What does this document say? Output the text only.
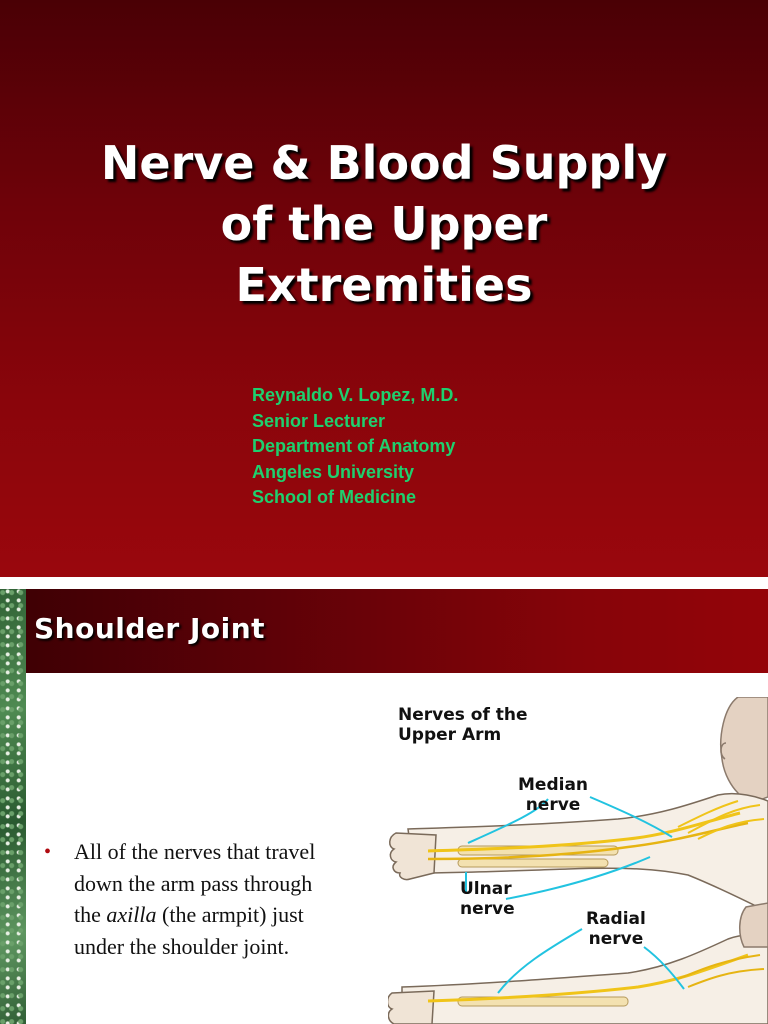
Nerve & Blood Supply
of the Upper
Extremities
Reynaldo V. Lopez, M.D.
Senior Lecturer
Department of Anatomy
Angeles University
School of Medicine
Shoulder Joint
• All of the nerves that travel
down the arm pass through
the axilla (the armpit) just
under the shoulder joint.

Nerves of the
Upper Arm
Median
nerve
Ulnar
nerve	Radial
nerve
